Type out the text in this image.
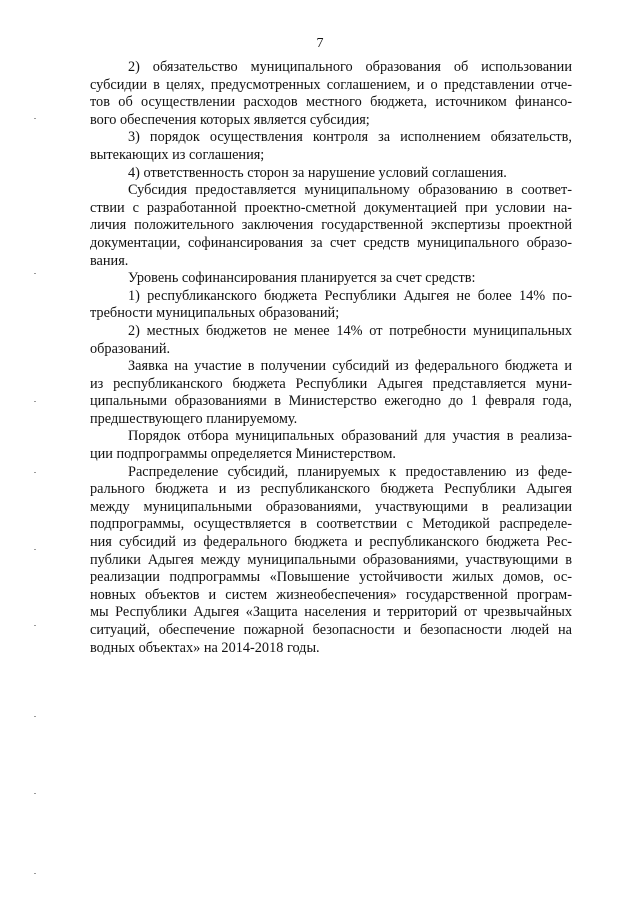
7
2) обязательство муниципального образования об использовании
субсидии в целях, предусмотренных соглашением, и о представлении отче-
тов об осуществлении расходов местного бюджета, источником финансо-
вого обеспечения которых является субсидия;
3) порядок осуществления контроля за исполнением обязательств,
вытекающих из соглашения;
4) ответственность сторон за нарушение условий соглашения.
Субсидия предоставляется муниципальному образованию в соответ-
ствии с разработанной проектно-сметной документацией при условии на-
личия положительного заключения государственной экспертизы проектной
документации, софинансирования за счет средств муниципального образо-
вания.
Уровень софинансирования планируется за счет средств:
1) республиканского бюджета Республики Адыгея не более 14% по-
требности муниципальных образований;
2) местных бюджетов не менее 14% от потребности муниципальных
образований.
Заявка на участие в получении субсидий из федерального бюджета и
из республиканского бюджета Республики Адыгея представляется муни-
ципальными образованиями в Министерство ежегодно до 1 февраля года,
предшествующего планируемому.
Порядок отбора муниципальных образований для участия в реализа-
ции подпрограммы определяется Министерством.
Распределение субсидий, планируемых к предоставлению из феде-
рального бюджета и из республиканского бюджета Республики Адыгея
между муниципальными образованиями, участвующими в реализации
подпрограммы, осуществляется в соответствии с Методикой распределе-
ния субсидий из федерального бюджета и республиканского бюджета Рес-
публики Адыгея между муниципальными образованиями, участвующими в
реализации подпрограммы «Повышение устойчивости жилых домов, ос-
новных объектов и систем жизнеобеспечения» государственной програм-
мы Республики Адыгея «Защита населения и территорий от чрезвычайных
ситуаций, обеспечение пожарной безопасности и безопасности людей на
водных объектах» на 2014-2018 годы.
